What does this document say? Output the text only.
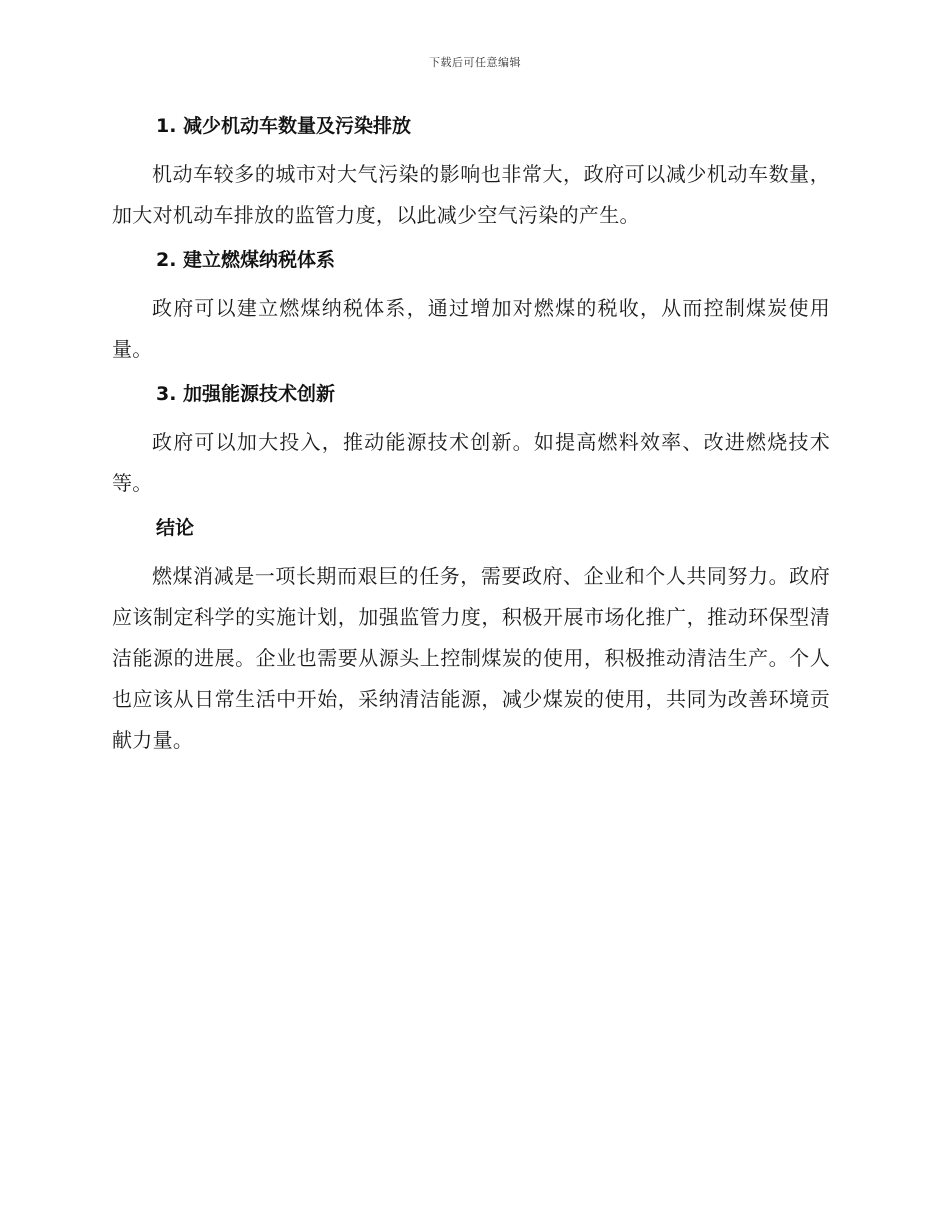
下载后可任意编辑
1. 减少机动车数量及污染排放

机动车较多的城市对大气污染的影响也非常大，政府可以减少机动车数量，加大对机动车排放的监管力度，以此减少空气污染的产生。

2. 建立燃煤纳税体系

政府可以建立燃煤纳税体系，通过增加对燃煤的税收，从而控制煤炭使用量。

3. 加强能源技术创新

政府可以加大投入，推动能源技术创新。如提高燃料效率、改进燃烧技术等。

结论

燃煤消减是一项长期而艰巨的任务，需要政府、企业和个人共同努力。政府应该制定科学的实施计划，加强监管力度，积极开展市场化推广，推动环保型清洁能源的进展。企业也需要从源头上控制煤炭的使用，积极推动清洁生产。个人也应该从日常生活中开始，采纳清洁能源，减少煤炭的使用，共同为改善环境贡献力量。
